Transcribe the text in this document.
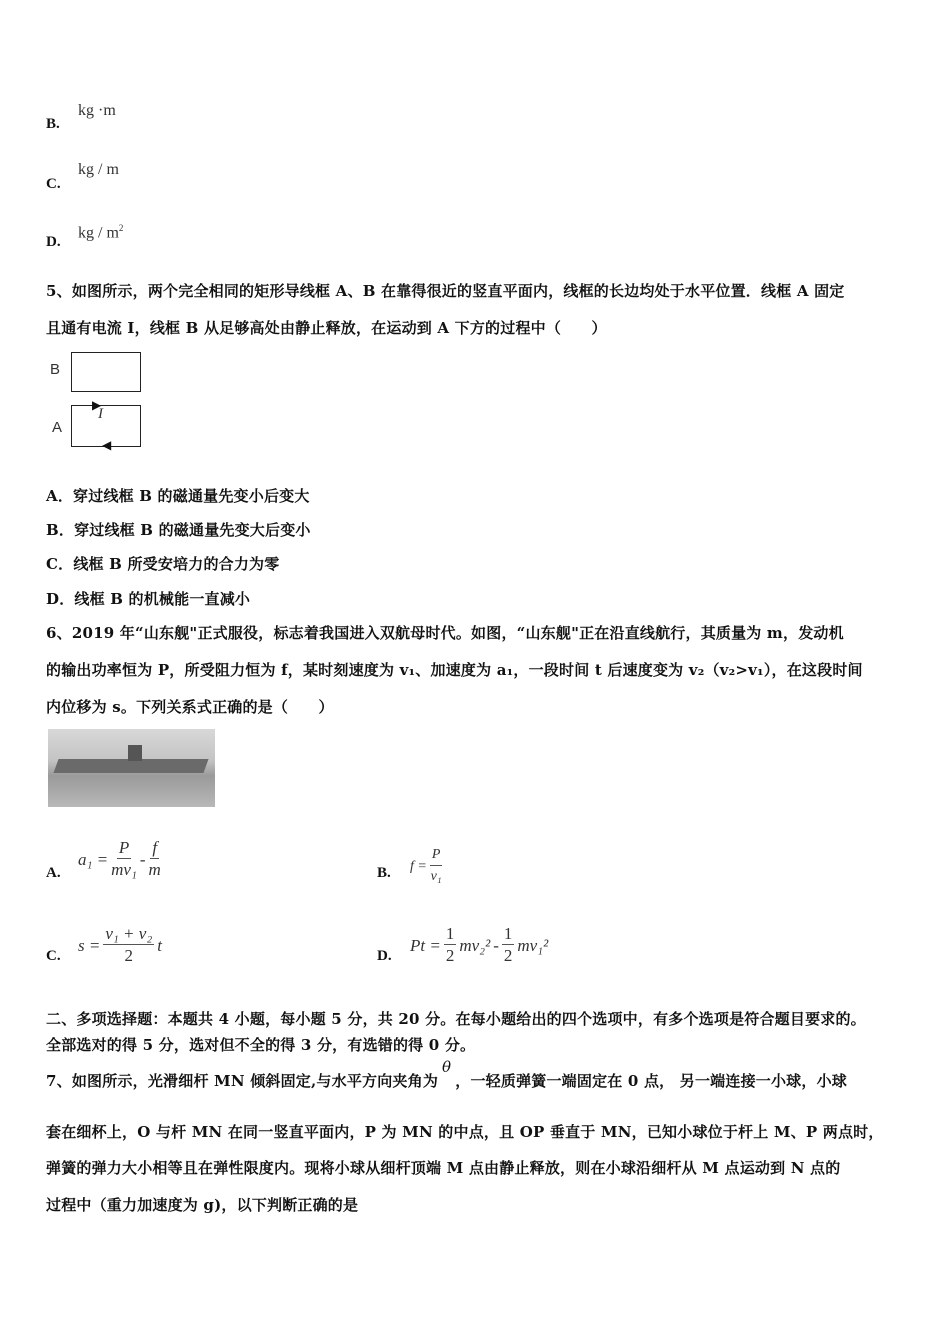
B.
kg ·m
C.
kg / m
D.
kg / $m^2$
5、如图所示，两个完全相同的矩形导线框 A、B 在靠得很近的竖直平面内，线框的长边均处于水平位置．线框 A 固定
且通有电流 I，线框 B 从足够高处由静止释放，在运动到 A 下方的过程中（　　）
B
A
I
▶
◀
A．穿过线框 B 的磁通量先变小后变大
B．穿过线框 B 的磁通量先变大后变小
C．线框 B 所受安培力的合力为零
D．线框 B 的机械能一直减小
6、2019 年“山东舰"正式服役，标志着我国进入双航母时代。如图，“山东舰"正在沿直线航行，其质量为 m，发动机
的输出功率恒为 P，所受阻力恒为 f，某时刻速度为 v₁、加速度为 a₁，一段时间 t 后速度变为 v₂（v₂>v₁），在这段时间
内位移为 s。下列关系式正确的是（　　）
A.
$a_1 = \frac{P}{\text{mv₁}} - \frac{f}{m}$	B. $f = \frac{P}{\text{v₁}}$
C.
$s = \frac{\text{v₁ + v₂}}{2}$ t
D.
$Pt = \frac{1}{2} mv_2^2 - \frac{1}{2} mv_1^2$
二、多项选择题：本题共 4 小题，每小题 5 分，共 20 分。在每小题给出的四个选项中，有多个选项是符合题目要求的。
全部选对的得 5 分，选对但不全的得 3 分，有选错的得 0 分。
7、如图所示，光滑细杆 MN 倾斜固定,与水平方向夹角为θ，一轻质弹簧一端固定在 0 点， 另一端连接一小球，小球
套在细杯上，O 与杆 MN 在同一竖直平面内，P 为 MN 的中点，且 OP 垂直于 MN，已知小球位于杆上 M、P 两点时，
弹簧的弹力大小相等且在弹性限度内。现将小球从细杆顶端 M 点由静止释放，则在小球沿细杆从 M 点运动到 N 点的
过程中（重力加速度为 g)，以下判断正确的是
